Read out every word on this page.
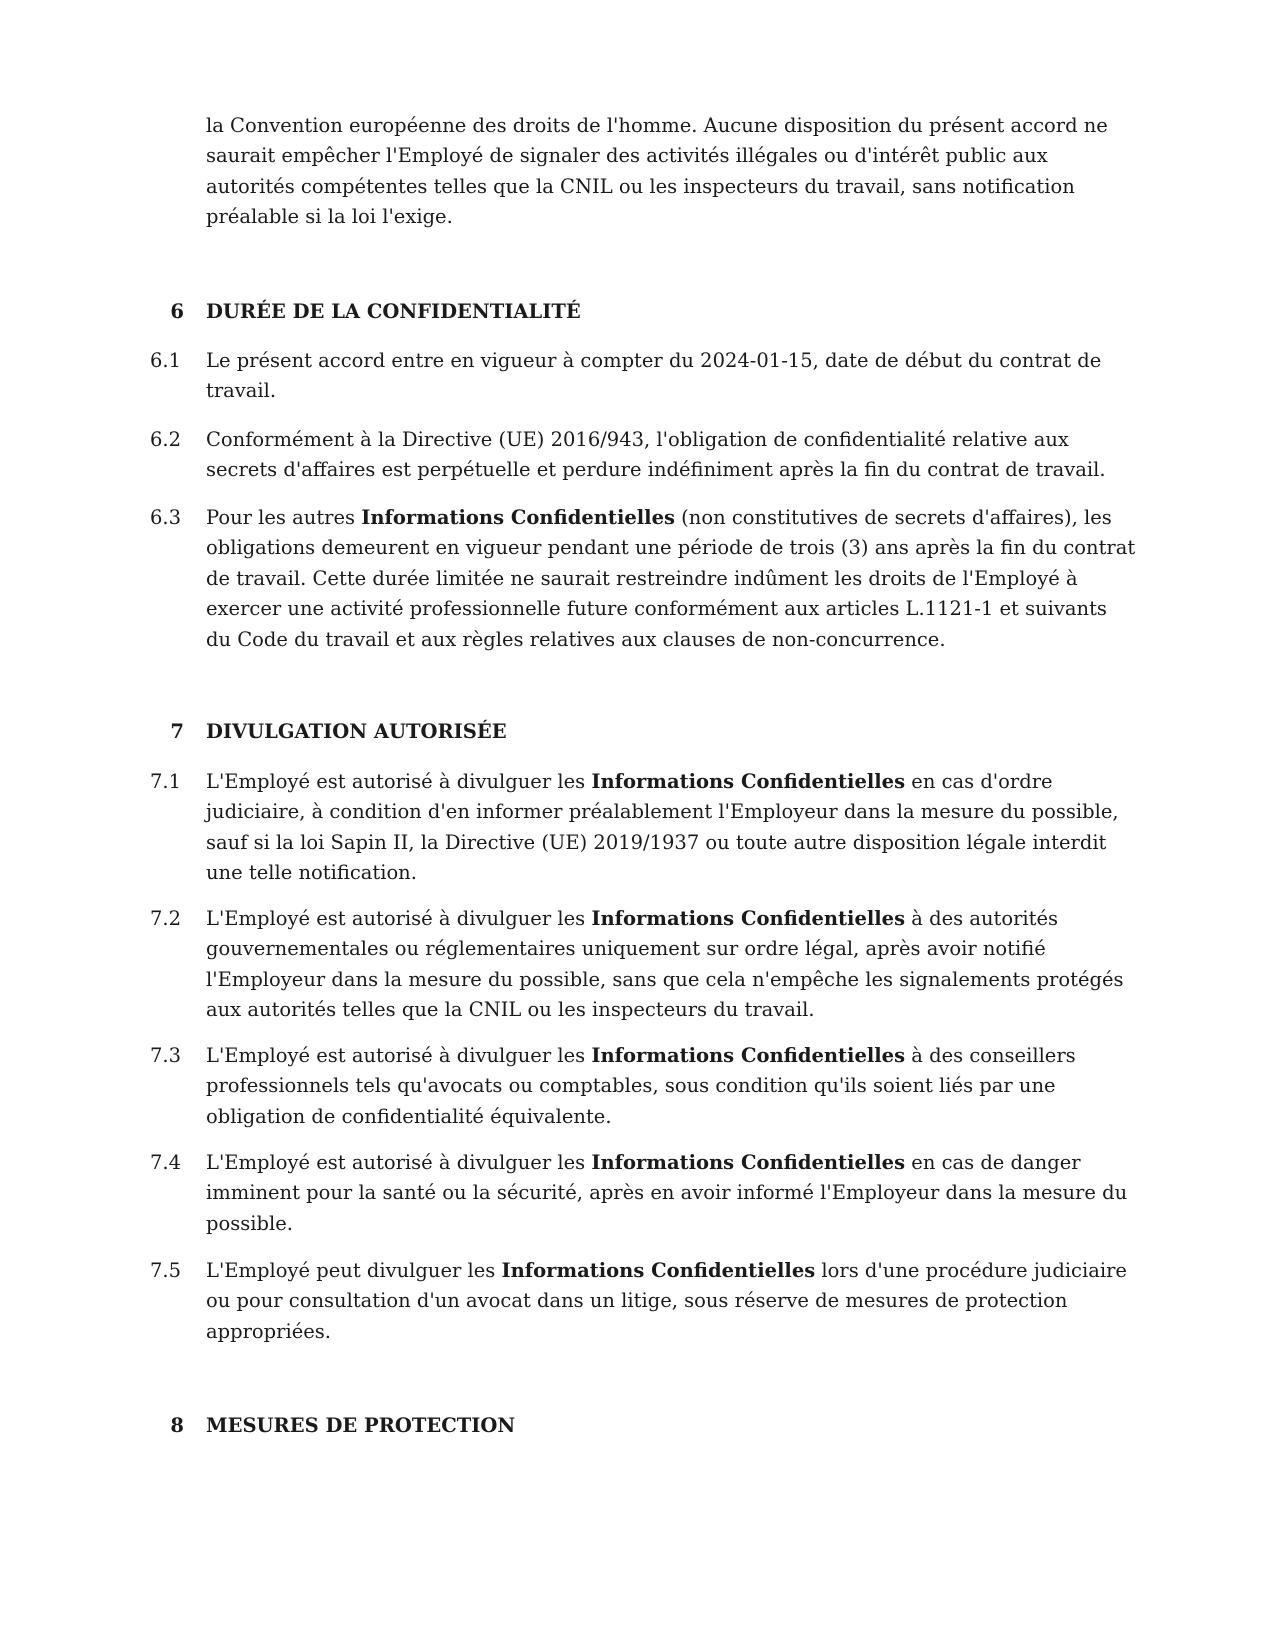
la Convention européenne des droits de l'homme. Aucune disposition du présent accord ne saurait empêcher l'Employé de signaler des activités illégales ou d'intérêt public aux autorités compétentes telles que la CNIL ou les inspecteurs du travail, sans notification préalable si la loi l'exige.
6 DURÉE DE LA CONFIDENTIALITÉ
6.1 Le présent accord entre en vigueur à compter du 2024-01-15, date de début du contrat de travail.
6.2 Conformément à la Directive (UE) 2016/943, l'obligation de confidentialité relative aux secrets d'affaires est perpétuelle et perdure indéfiniment après la fin du contrat de travail.
6.3 Pour les autres Informations Confidentielles (non constitutives de secrets d'affaires), les obligations demeurent en vigueur pendant une période de trois (3) ans après la fin du contrat de travail. Cette durée limitée ne saurait restreindre indûment les droits de l'Employé à exercer une activité professionnelle future conformément aux articles L.1121-1 et suivants du Code du travail et aux règles relatives aux clauses de non-concurrence.
7 DIVULGATION AUTORISÉE
7.1 L'Employé est autorisé à divulguer les Informations Confidentielles en cas d'ordre judiciaire, à condition d'en informer préalablement l'Employeur dans la mesure du possible, sauf si la loi Sapin II, la Directive (UE) 2019/1937 ou toute autre disposition légale interdit une telle notification.
7.2 L'Employé est autorisé à divulguer les Informations Confidentielles à des autorités gouvernementales ou réglementaires uniquement sur ordre légal, après avoir notifié l'Employeur dans la mesure du possible, sans que cela n'empêche les signalements protégés aux autorités telles que la CNIL ou les inspecteurs du travail.
7.3 L'Employé est autorisé à divulguer les Informations Confidentielles à des conseillers professionnels tels qu'avocats ou comptables, sous condition qu'ils soient liés par une obligation de confidentialité équivalente.
7.4 L'Employé est autorisé à divulguer les Informations Confidentielles en cas de danger imminent pour la santé ou la sécurité, après en avoir informé l'Employeur dans la mesure du possible.
7.5 L'Employé peut divulguer les Informations Confidentielles lors d'une procédure judiciaire ou pour consultation d'un avocat dans un litige, sous réserve de mesures de protection appropriées.
8 MESURES DE PROTECTION
